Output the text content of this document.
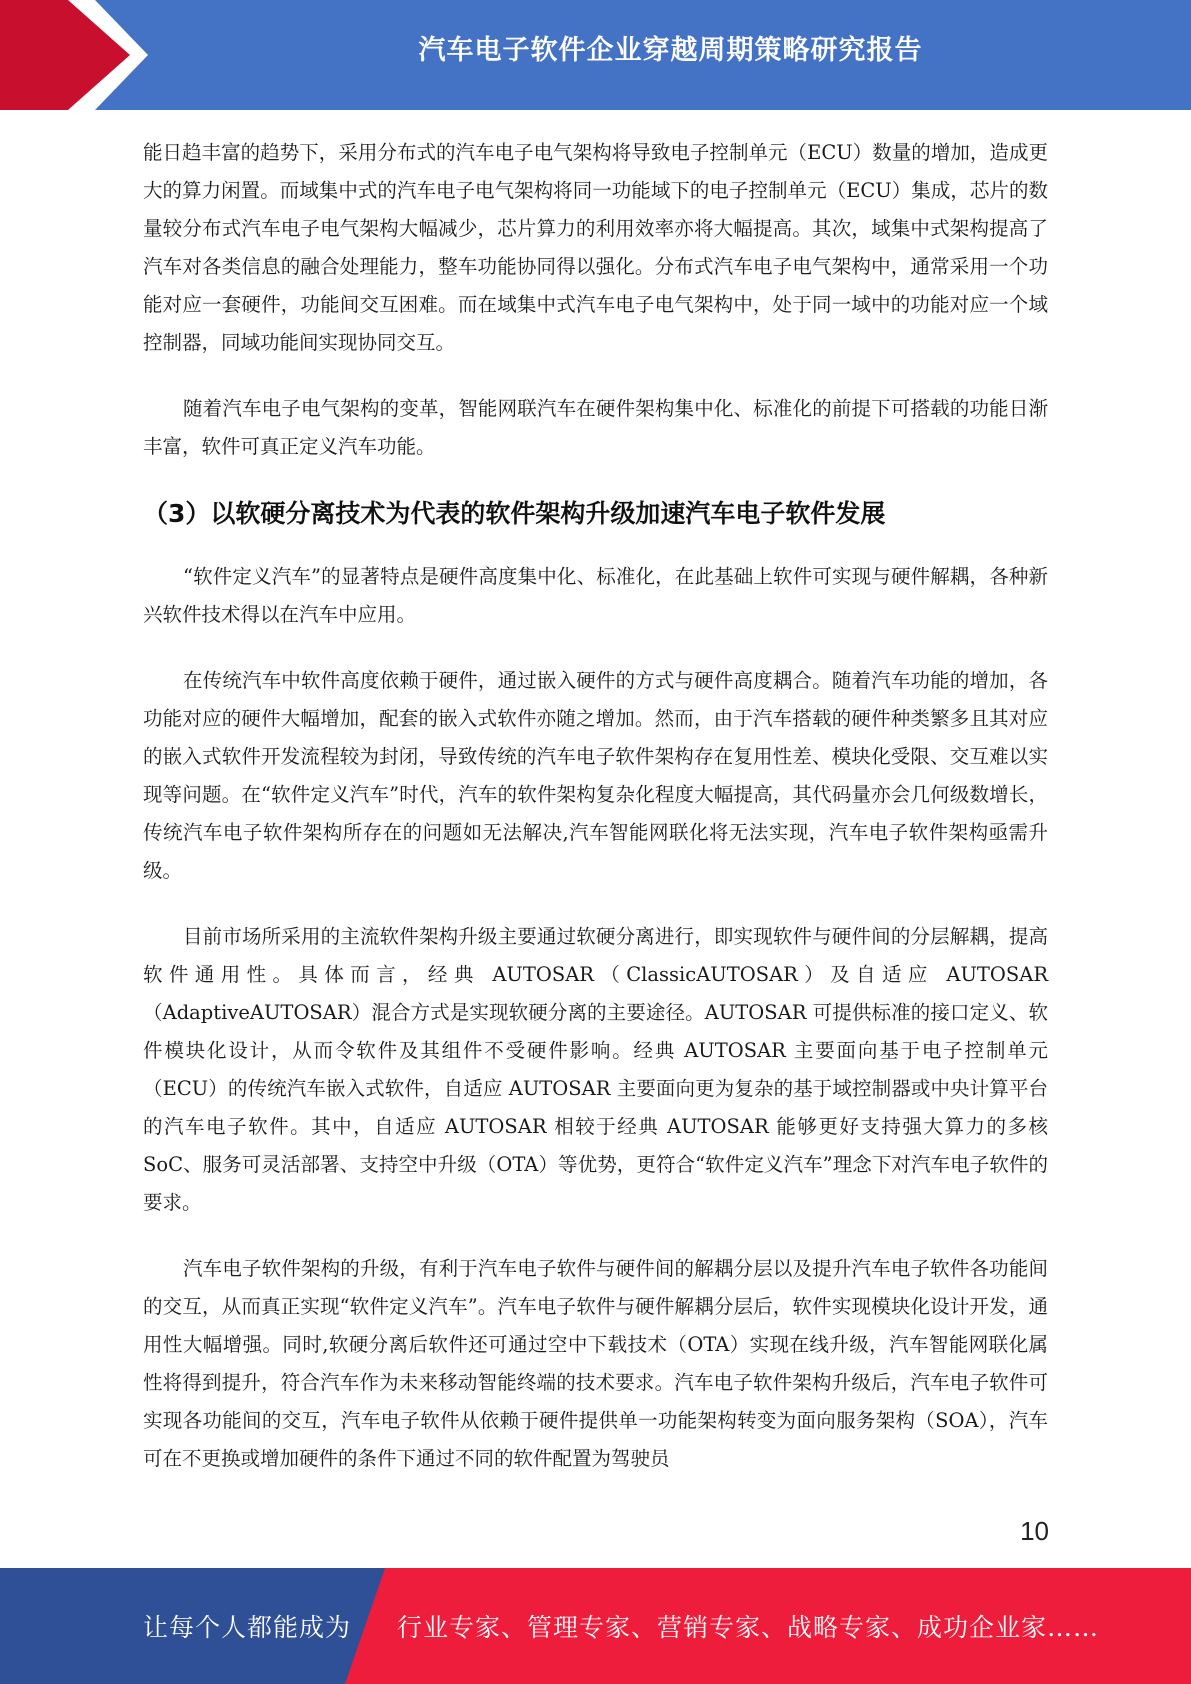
汽车电子软件企业穿越周期策略研究报告

能日趋丰富的趋势下，采用分布式的汽车电子电气架构将导致电子控制单元（ECU）数量的增加，造成更大的算力闲置。而域集中式的汽车电子电气架构将同一功能域下的电子控制单元（ECU）集成，芯片的数量较分布式汽车电子电气架构大幅减少，芯片算力的利用效率亦将大幅提高。其次，域集中式架构提高了汽车对各类信息的融合处理能力，整车功能协同得以强化。分布式汽车电子电气架构中，通常采用一个功能对应一套硬件，功能间交互困难。而在域集中式汽车电子电气架构中，处于同一域中的功能对应一个域控制器，同域功能间实现协同交互。

随着汽车电子电气架构的变革，智能网联汽车在硬件架构集中化、标准化的前提下可搭载的功能日渐丰富，软件可真正定义汽车功能。

（3）以软硬分离技术为代表的软件架构升级加速汽车电子软件发展

“软件定义汽车”的显著特点是硬件高度集中化、标准化，在此基础上软件可实现与硬件解耦，各种新兴软件技术得以在汽车中应用。

在传统汽车中软件高度依赖于硬件，通过嵌入硬件的方式与硬件高度耦合。随着汽车功能的增加，各功能对应的硬件大幅增加，配套的嵌入式软件亦随之增加。然而，由于汽车搭载的硬件种类繁多且其对应的嵌入式软件开发流程较为封闭，导致传统的汽车电子软件架构存在复用性差、模块化受限、交互难以实现等问题。在“软件定义汽车”时代，汽车的软件架构复杂化程度大幅提高，其代码量亦会几何级数增长，传统汽车电子软件架构所存在的问题如无法解决,汽车智能网联化将无法实现，汽车电子软件架构亟需升级。

目前市场所采用的主流软件架构升级主要通过软硬分离进行，即实现软件与硬件间的分层解耦，提高软件通用性。具体而言，经典 AUTOSAR（ClassicAUTOSAR）及自适应 AUTOSAR（AdaptiveAUTOSAR）混合方式是实现软硬分离的主要途径。AUTOSAR 可提供标准的接口定义、软件模块化设计，从而令软件及其组件不受硬件影响。经典 AUTOSAR 主要面向基于电子控制单元（ECU）的传统汽车嵌入式软件，自适应 AUTOSAR 主要面向更为复杂的基于域控制器或中央计算平台的汽车电子软件。其中，自适应 AUTOSAR 相较于经典 AUTOSAR 能够更好支持强大算力的多核 SoC、服务可灵活部署、支持空中升级（OTA）等优势，更符合“软件定义汽车”理念下对汽车电子软件的要求。

汽车电子软件架构的升级，有利于汽车电子软件与硬件间的解耦分层以及提升汽车电子软件各功能间的交互，从而真正实现“软件定义汽车”。汽车电子软件与硬件解耦分层后，软件实现模块化设计开发，通用性大幅增强。同时,软硬分离后软件还可通过空中下载技术（OTA）实现在线升级，汽车智能网联化属性将得到提升，符合汽车作为未来移动智能终端的技术要求。汽车电子软件架构升级后，汽车电子软件可实现各功能间的交互，汽车电子软件从依赖于硬件提供单一功能架构转变为面向服务架构（SOA），汽车可在不更换或增加硬件的条件下通过不同的软件配置为驾驶员

10
让每个人都能成为 行业专家、管理专家、营销专家、战略专家、成功企业家……
